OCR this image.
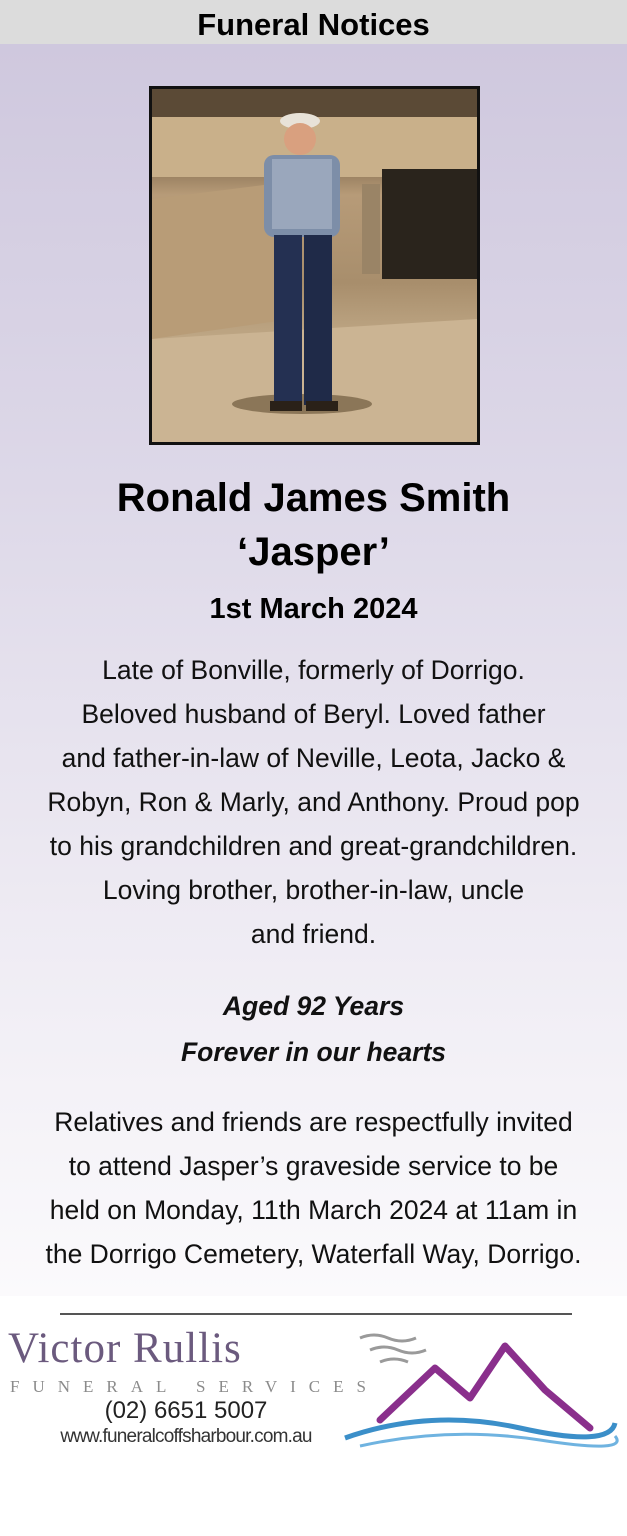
Funeral Notices
Ronald James Smith
‘Jasper’
1st March 2024
Late of Bonville, formerly of Dorrigo.
Beloved husband of Beryl. Loved father
and father-in-law of Neville, Leota, Jacko &
Robyn, Ron & Marly, and Anthony. Proud pop
to his grandchildren and great-grandchildren.
Loving brother, brother-in-law, uncle
and friend.
Aged 92 Years
Forever in our hearts
Relatives and friends are respectfully invited
to attend Jasper’s graveside service to be
held on Monday, 11th March 2024 at 11am in
the Dorrigo Cemetery, Waterfall Way, Dorrigo.
Victor Rullis
FUNERAL SERVICES
(02) 6651 5007
www.funeralcoffsharbour.com.au
